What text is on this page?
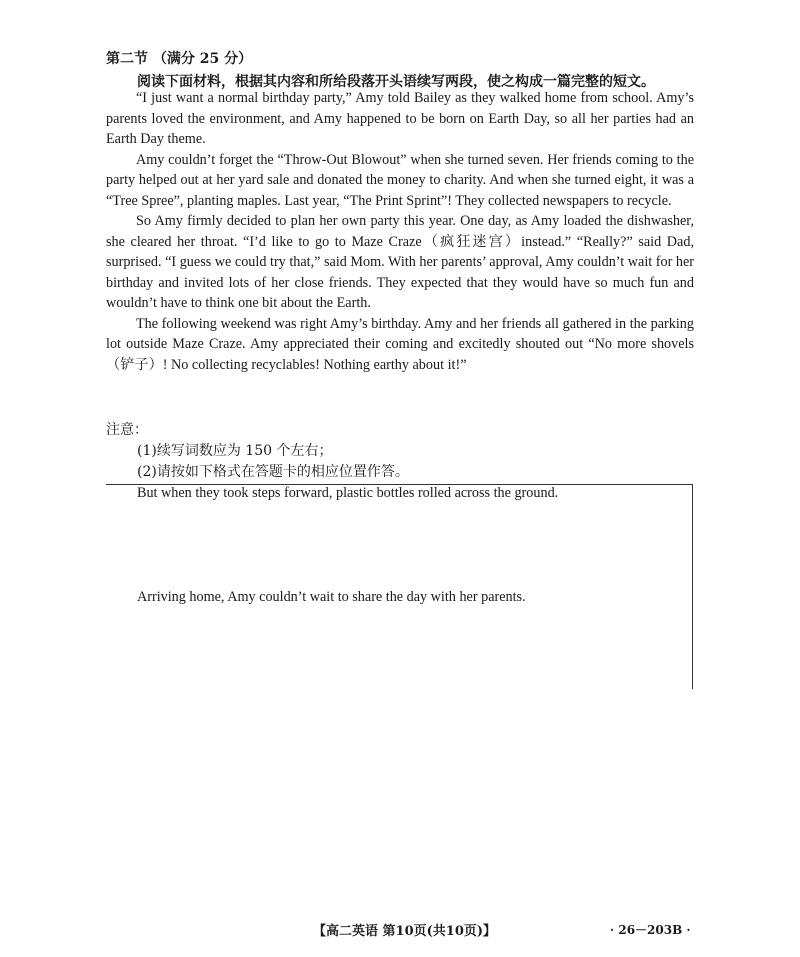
第二节 （满分 25 分）
阅读下面材料，根据其内容和所给段落开头语续写两段，使之构成一篇完整的短文。

“I just want a normal birthday party,” Amy told Bailey as they walked home from school. Amy’s parents loved the environment, and Amy happened to be born on Earth Day, so all her parties had an Earth Day theme.

Amy couldn’t forget the “Throw-Out Blowout” when she turned seven. Her friends coming to the party helped out at her yard sale and donated the money to charity. And when she turned eight, it was a “Tree Spree”, planting maples. Last year, “The Print Sprint”! They collected newspapers to recycle.

So Amy firmly decided to plan her own party this year. One day, as Amy loaded the dishwasher, she cleared her throat. “I’d like to go to Maze Craze（疯狂迷宫）instead.” “Really?” said Dad, surprised. “I guess we could try that,” said Mom. With her parents’ approval, Amy couldn’t wait for her birthday and invited lots of her close friends. They expected that they would have so much fun and wouldn’t have to think one bit about the Earth.

The following weekend was right Amy’s birthday. Amy and her friends all gathered in the parking lot outside Maze Craze. Amy appreciated their coming and excitedly shouted out “No more shovels（铲子）! No collecting recyclables! Nothing earthy about it!”

注意：
(1)续写词数应为 150 个左右；
(2)请按如下格式在答题卡的相应位置作答。
But when they took steps forward, plastic bottles rolled across the ground.
Arriving home, Amy couldn’t wait to share the day with her parents.
【高二英语 第10页(共10页)】	· 26－203B ·
